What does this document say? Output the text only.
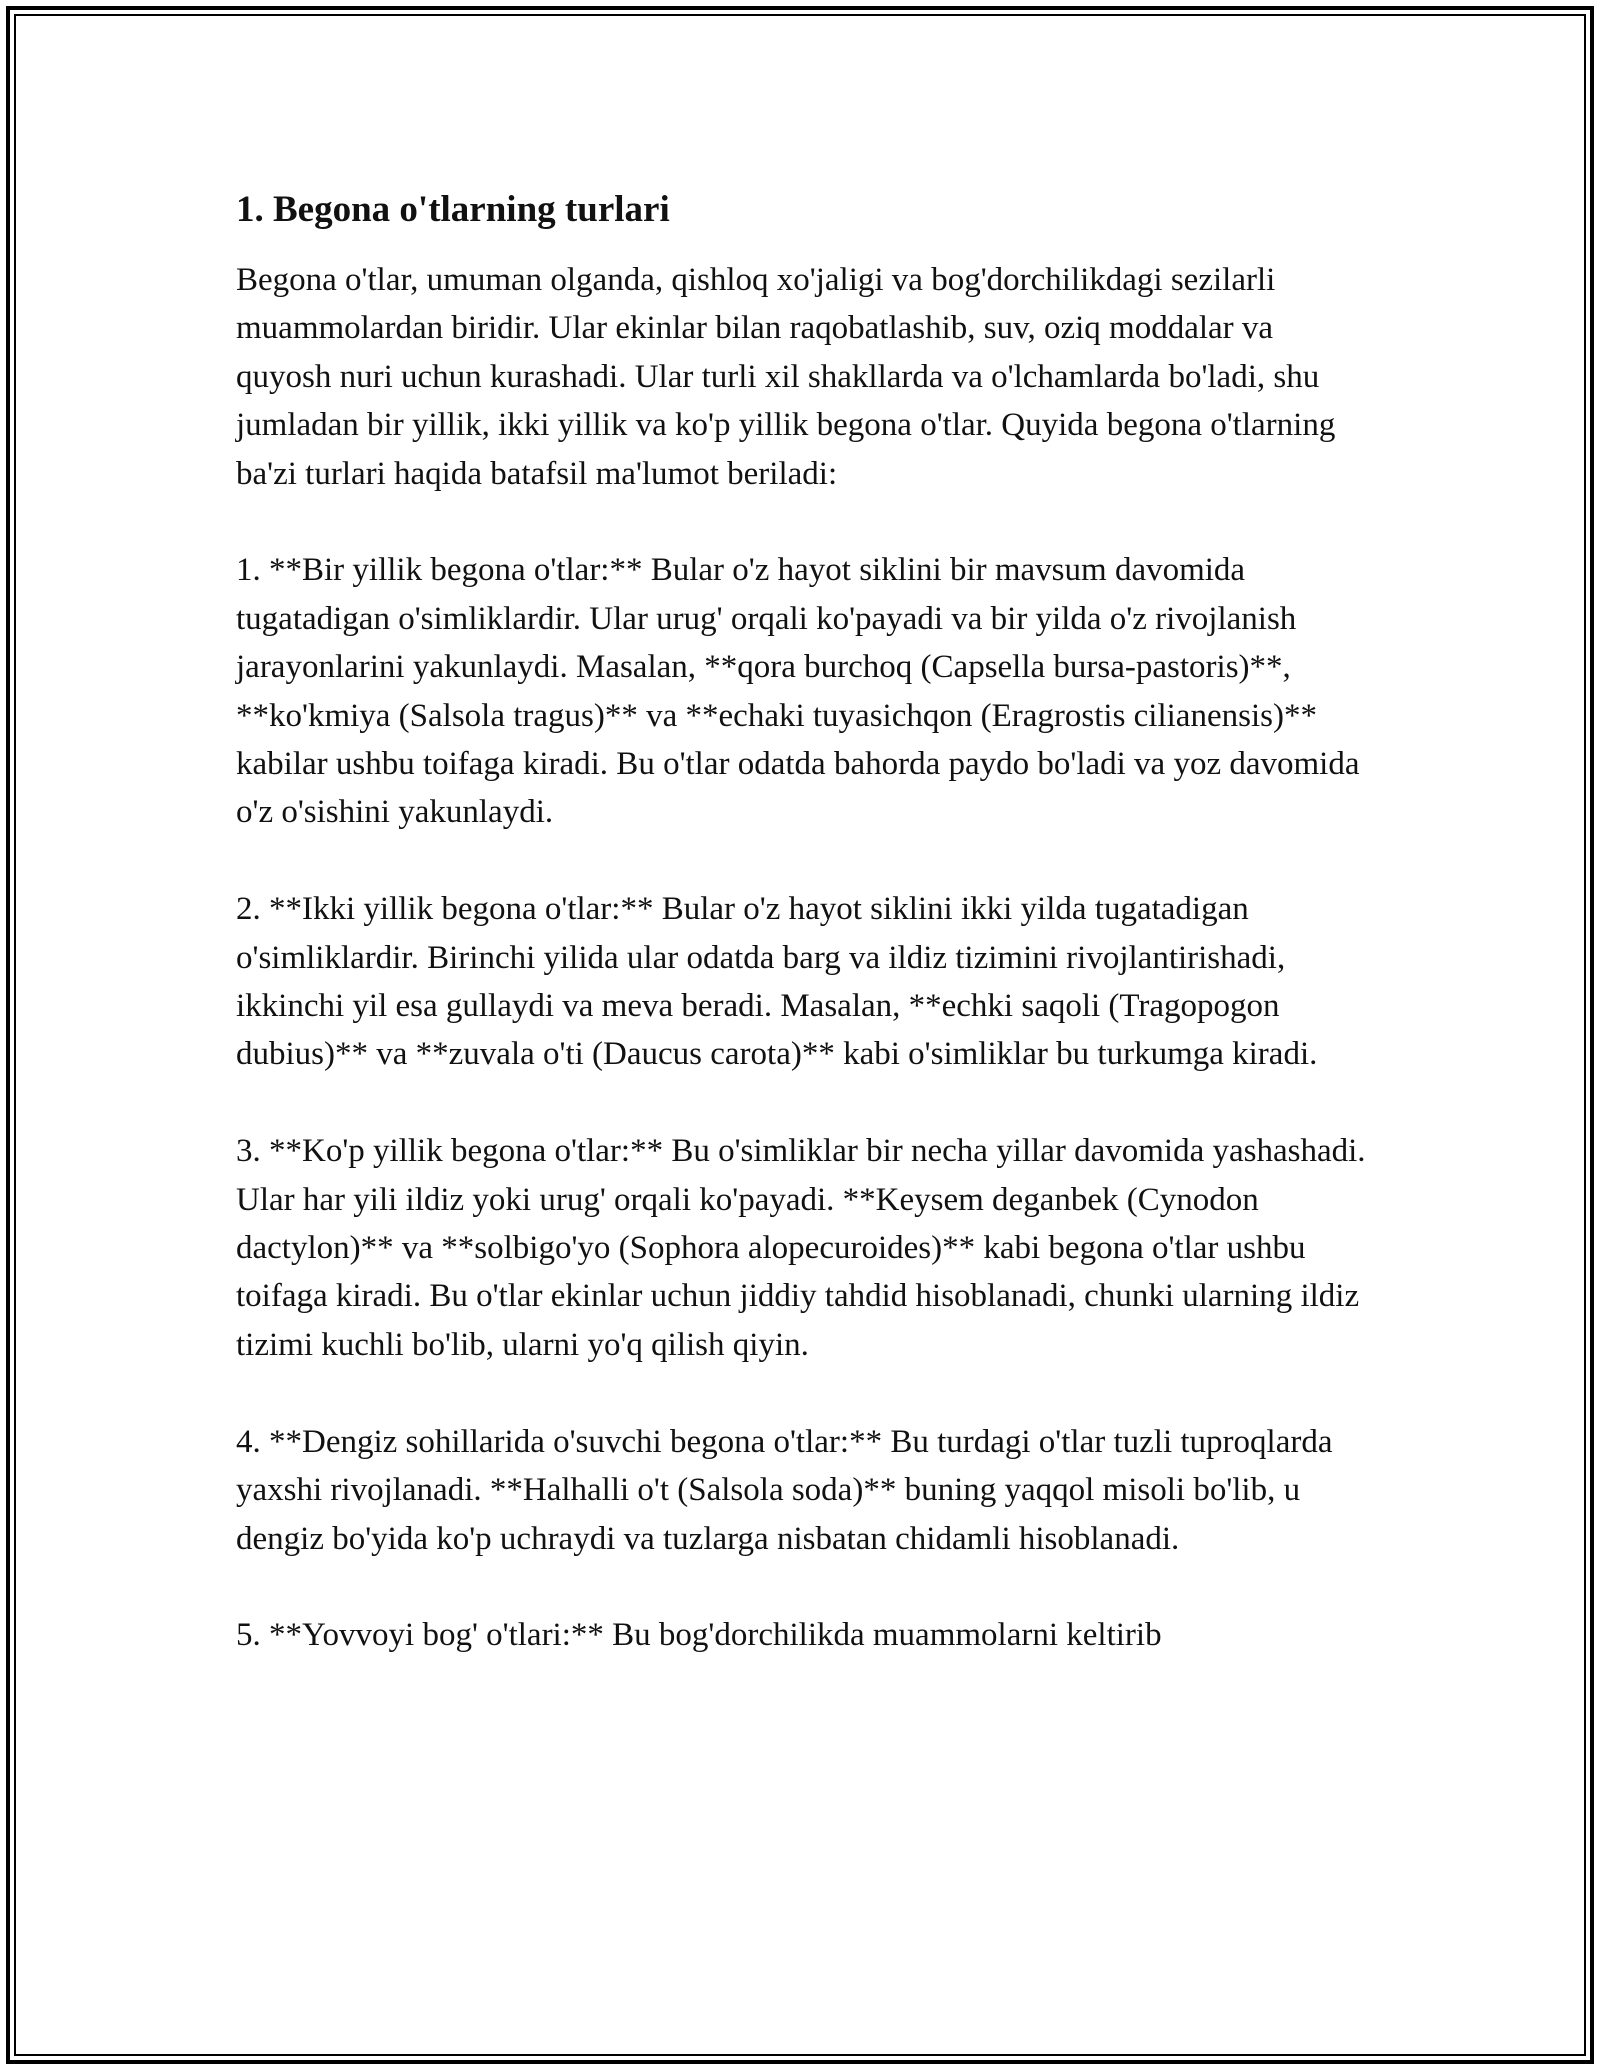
1. Begona o'tlarning turlari

Begona o'tlar, umuman olganda, qishloq xo'jaligi va bog'dorchilikdagi sezilarli muammolardan biridir. Ular ekinlar bilan raqobatlashib, suv, oziq moddalar va quyosh nuri uchun kurashadi. Ular turli xil shakllarda va o'lchamlarda bo'ladi, shu jumladan bir yillik, ikki yillik va ko'p yillik begona o'tlar. Quyida begona o'tlarning ba'zi turlari haqida batafsil ma'lumot beriladi:

1. **Bir yillik begona o'tlar:** Bular o'z hayot siklini bir mavsum davomida tugatadigan o'simliklardir. Ular urug' orqali ko'payadi va bir yilda o'z rivojlanish jarayonlarini yakunlaydi. Masalan, **qora burchoq (Capsella bursa-pastoris)**, **ko'kmiya (Salsola tragus)** va **echaki tuyasichqon (Eragrostis cilianensis)** kabilar ushbu toifaga kiradi. Bu o'tlar odatda bahorda paydo bo'ladi va yoz davomida o'z o'sishini yakunlaydi.

2. **Ikki yillik begona o'tlar:** Bular o'z hayot siklini ikki yilda tugatadigan o'simliklardir. Birinchi yilida ular odatda barg va ildiz tizimini rivojlantirishadi, ikkinchi yil esa gullaydi va meva beradi. Masalan, **echki saqoli (Tragopogon dubius)** va **zuvala o'ti (Daucus carota)** kabi o'simliklar bu turkumga kiradi.

3. **Ko'p yillik begona o'tlar:** Bu o'simliklar bir necha yillar davomida yashashadi. Ular har yili ildiz yoki urug' orqali ko'payadi. **Keysem deganbek (Cynodon dactylon)** va **solbigo'yo (Sophora alopecuroides)** kabi begona o'tlar ushbu toifaga kiradi. Bu o'tlar ekinlar uchun jiddiy tahdid hisoblanadi, chunki ularning ildiz tizimi kuchli bo'lib, ularni yo'q qilish qiyin.

4. **Dengiz sohillarida o'suvchi begona o'tlar:** Bu turdagi o'tlar tuzli tuproqlarda yaxshi rivojlanadi. **Halhalli o't (Salsola soda)** buning yaqqol misoli bo'lib, u dengiz bo'yida ko'p uchraydi va tuzlarga nisbatan chidamli hisoblanadi.

5. **Yovvoyi bog' o'tlari:** Bu bog'dorchilikda muammolarni keltirib
